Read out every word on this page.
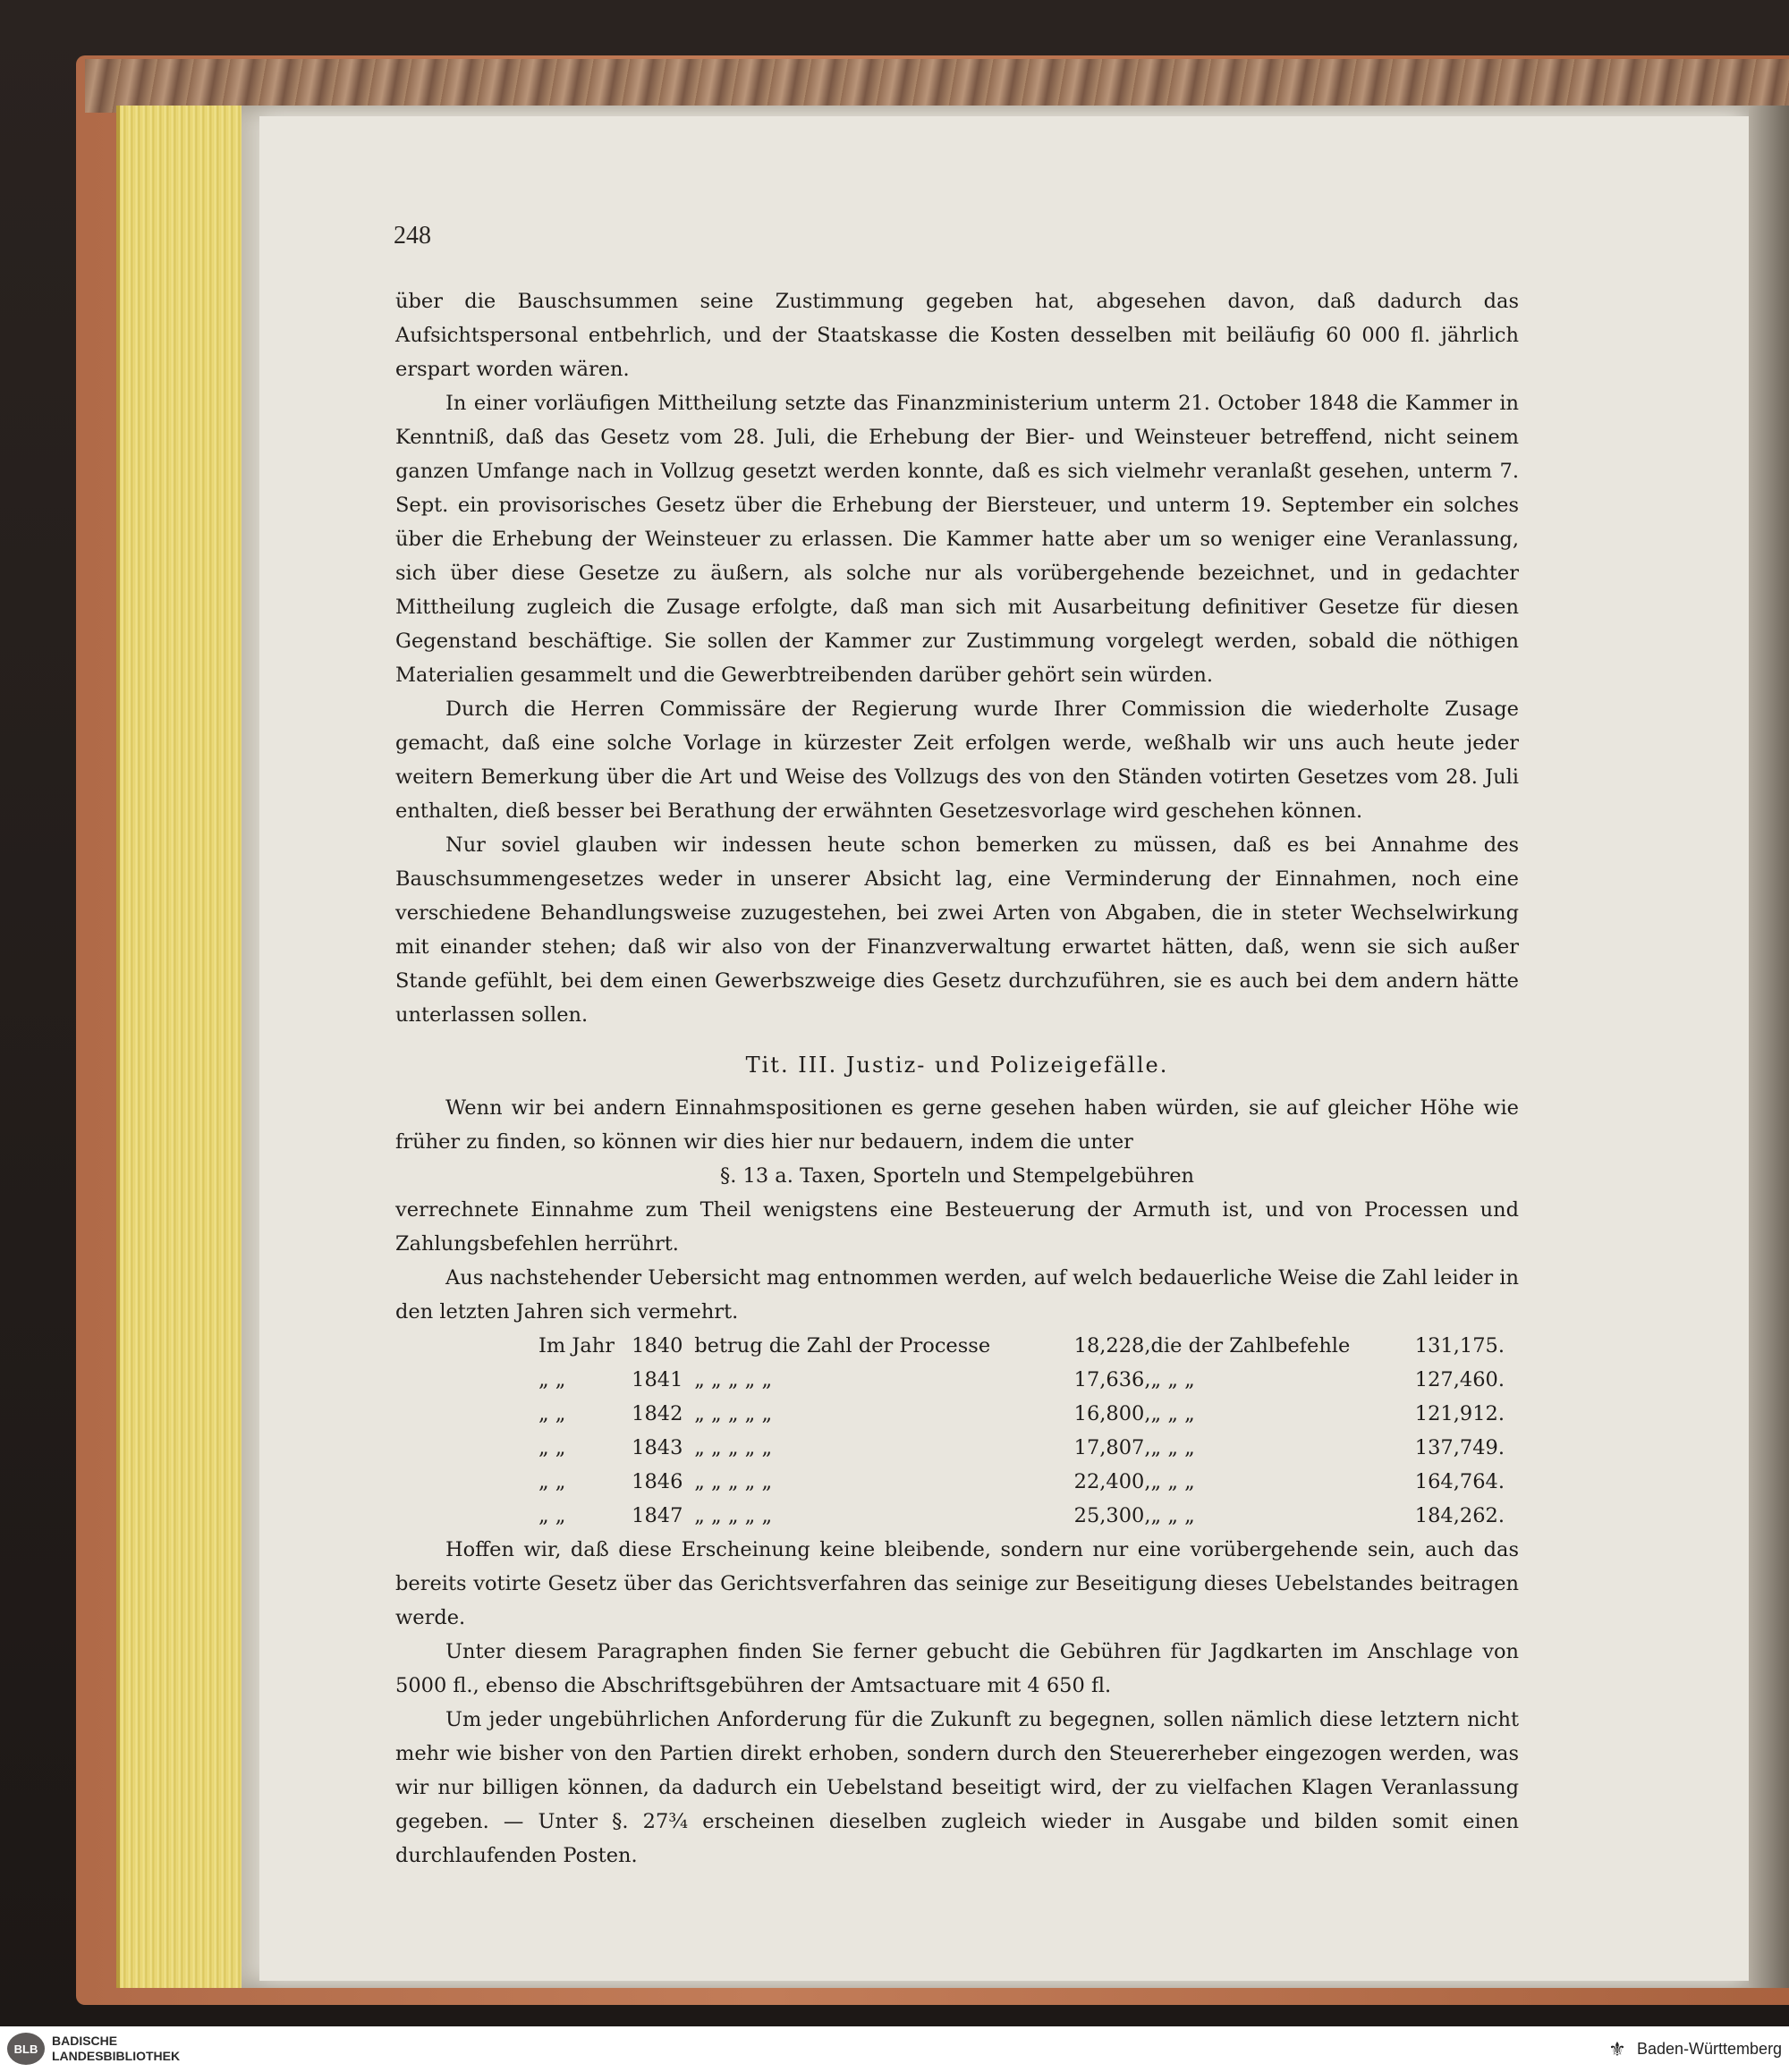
248

über die Bauschsummen seine Zustimmung gegeben hat, abgesehen davon, daß dadurch das Aufsichtspersonal entbehrlich, und der Staatskasse die Kosten desselben mit beiläufig 60 000 fl. jährlich erspart worden wären.

In einer vorläufigen Mittheilung setzte das Finanzministerium unterm 21. October 1848 die Kammer in Kenntniß, daß das Gesetz vom 28. Juli, die Erhebung der Bier- und Weinsteuer betreffend, nicht seinem ganzen Umfange nach in Vollzug gesetzt werden konnte, daß es sich vielmehr veranlaßt gesehen, unterm 7. Sept. ein provisorisches Gesetz über die Erhebung der Biersteuer, und unterm 19. September ein solches über die Erhebung der Weinsteuer zu erlassen. Die Kammer hatte aber um so weniger eine Veranlassung, sich über diese Gesetze zu äußern, als solche nur als vorübergehende bezeichnet, und in gedachter Mittheilung zugleich die Zusage erfolgte, daß man sich mit Ausarbeitung definitiver Gesetze für diesen Gegenstand beschäftige. Sie sollen der Kammer zur Zustimmung vorgelegt werden, sobald die nöthigen Materialien gesammelt und die Gewerbtreibenden darüber gehört sein würden.

Durch die Herren Commissäre der Regierung wurde Ihrer Commission die wiederholte Zusage gemacht, daß eine solche Vorlage in kürzester Zeit erfolgen werde, weßhalb wir uns auch heute jeder weitern Bemerkung über die Art und Weise des Vollzugs des von den Ständen votirten Gesetzes vom 28. Juli enthalten, dieß besser bei Berathung der erwähnten Gesetzesvorlage wird geschehen können.

Nur soviel glauben wir indessen heute schon bemerken zu müssen, daß es bei Annahme des Bauschsummengesetzes weder in unserer Absicht lag, eine Verminderung der Einnahmen, noch eine verschiedene Behandlungsweise zuzugestehen, bei zwei Arten von Abgaben, die in steter Wechselwirkung mit einander stehen; daß wir also von der Finanzverwaltung erwartet hätten, daß, wenn sie sich außer Stande gefühlt, bei dem einen Gewerbszweige dies Gesetz durchzuführen, sie es auch bei dem andern hätte unterlassen sollen.

Tit. III. Justiz- und Polizeigefälle.

Wenn wir bei andern Einnahmspositionen es gerne gesehen haben würden, sie auf gleicher Höhe wie früher zu finden, so können wir dies hier nur bedauern, indem die unter

§. 13 a. Taxen, Sporteln und Stempelgebühren

verrechnete Einnahme zum Theil wenigstens eine Besteuerung der Armuth ist, und von Processen und Zahlungsbefehlen herrührt.

Aus nachstehender Uebersicht mag entnommen werden, auf welch bedauerliche Weise die Zahl leider in den letzten Jahren sich vermehrt.

Im Jahr	1840	betrug die Zahl der Processe	18,228,	die der Zahlbefehle	131,175.
„ „	1841	„ „ „ „ „	17,636,	„ „ „	127,460.
„ „	1842	„ „ „ „ „	16,800,	„ „ „	121,912.
„ „	1843	„ „ „ „ „	17,807,	„ „ „	137,749.
„ „	1846	„ „ „ „ „	22,400,	„ „ „	164,764.
„ „	1847	„ „ „ „ „	25,300,	„ „ „	184,262.

Hoffen wir, daß diese Erscheinung keine bleibende, sondern nur eine vorübergehende sein, auch das bereits votirte Gesetz über das Gerichtsverfahren das seinige zur Beseitigung dieses Uebelstandes beitragen werde.

Unter diesem Paragraphen finden Sie ferner gebucht die Gebühren für Jagdkarten im Anschlage von 5000 fl., ebenso die Abschriftsgebühren der Amtsactuare mit 4 650 fl.

Um jeder ungebührlichen Anforderung für die Zukunft zu begegnen, sollen nämlich diese letztern nicht mehr wie bisher von den Partien direkt erhoben, sondern durch den Steuererheber eingezogen werden, was wir nur billigen können, da dadurch ein Uebelstand beseitigt wird, der zu vielfachen Klagen Veranlassung gegeben. — Unter §. 27¾ erscheinen dieselben zugleich wieder in Ausgabe und bilden somit einen durchlaufenden Posten.

BLB
BADISCHE
LANDESBIBLIOTHEK	⚜ Baden-Württemberg
